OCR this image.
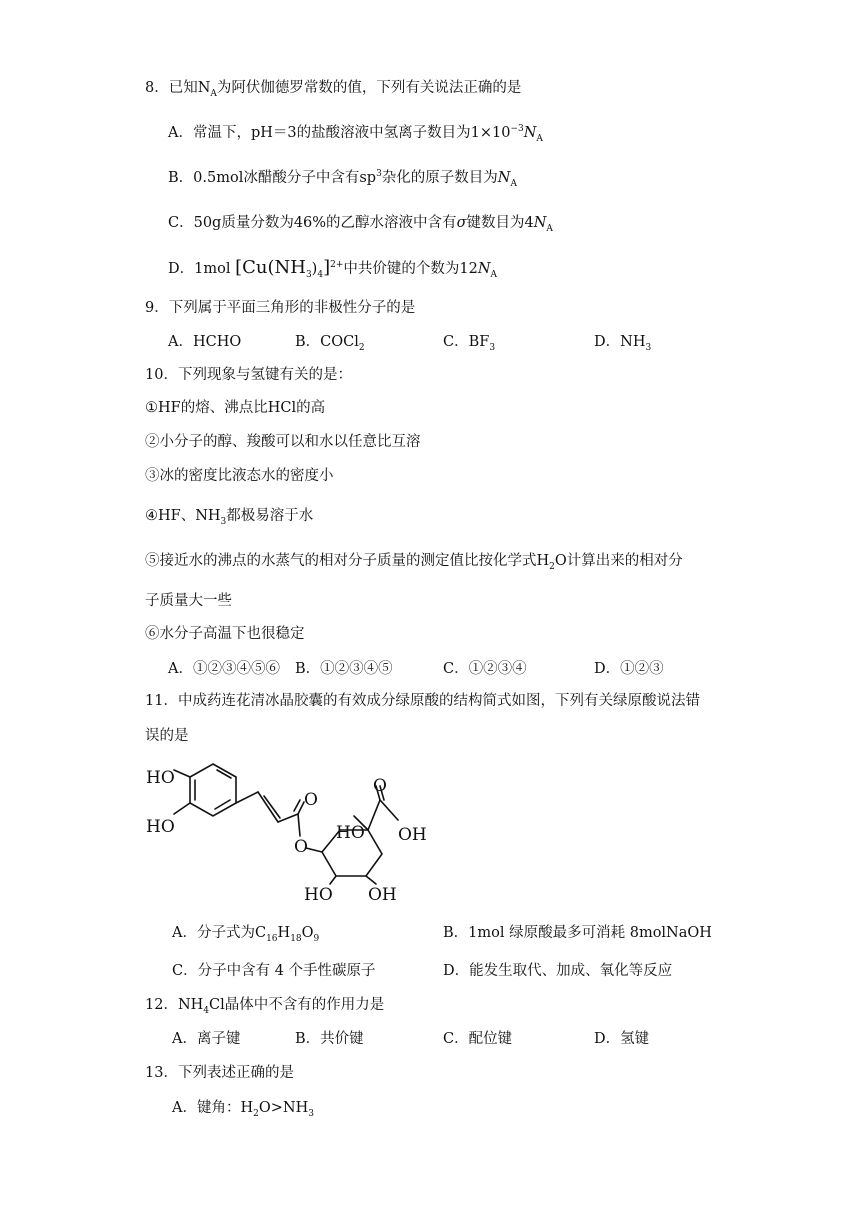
8．已知$N_A$为阿伏伽德罗常数的值，下列有关说法正确的是
A．常温下，pH＝3的盐酸溶液中氢离子数目为$1\times 10^{-3}N_A$
B．0.5mol冰醋酸分子中含有$sp^3$杂化的原子数目为$N_A$
C．50g质量分数为46%的乙醇水溶液中含有σ键数目为$4N_A$
D．1mol $[Cu(NH_3)_4]^{2+}$中共价键的个数为$12N_A$
9．下列属于平面三角形的非极性分子的是
A．HCHO	B．COCl$_2$	C．$BF_3$	D．$NH_3$
10．下列现象与氢键有关的是：
①HF的熔、沸点比HCl的高
②小分子的醇、羧酸可以和水以任意比互溶
③冰的密度比液态水的密度小
④HF、$NH_3$都极易溶于水
⑤接近水的沸点的水蒸气的相对分子质量的测定值比按化学式$H_2O$计算出来的相对分
子质量大一些
⑥水分子高温下也很稳定
A．①②③④⑤⑥ B．①②③④⑤	C．①②③④	D．①②③
11．中成药连花清冰晶胶囊的有效成分绿原酸的结构简式如图，下列有关绿原酸说法错
误的是
HO
HO
O
O
HO
O
OH
HO OH
A．分子式为$C_{16}H_{18}O_9$	B．1mol 绿原酸最多可消耗 8molNaOH
C．分子中含有 4 个手性碳原子	D．能发生取代、加成、氧化等反应
12．$NH_4Cl$晶体中不含有的作用力是
A．离子键	B．共价键	C．配位键	D．氢键
13．下列表述正确的是
A．键角：$H_2O>NH_3$
